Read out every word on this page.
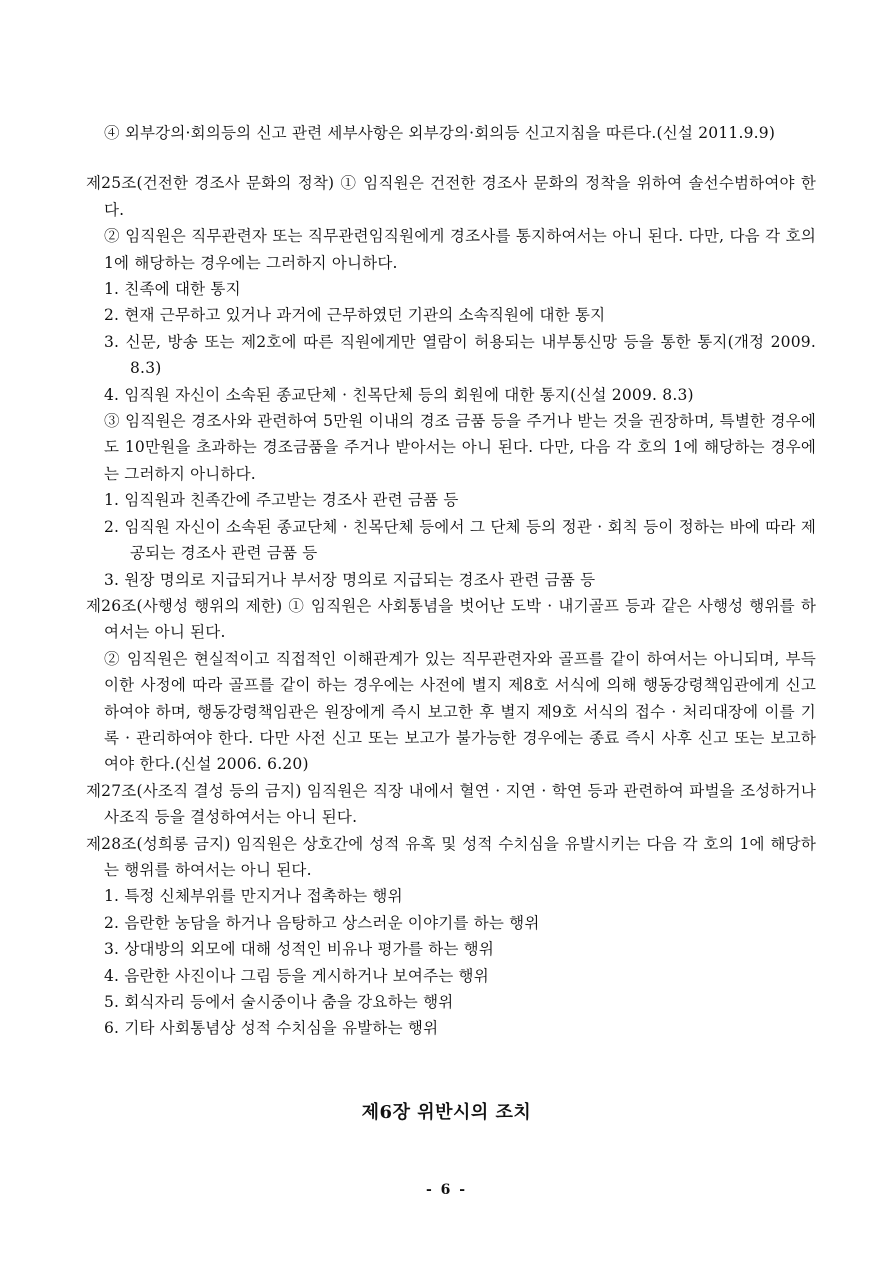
④ 외부강의·회의등의 신고 관련 세부사항은 외부강의·회의등 신고지침을 따른다.(신설 2011.9.9)

제25조(건전한 경조사 문화의 정착) ① 임직원은 건전한 경조사 문화의 정착을 위하여 솔선수범하여야 한다.

② 임직원은 직무관련자 또는 직무관련임직원에게 경조사를 통지하여서는 아니 된다. 다만, 다음 각 호의 1에 해당하는 경우에는 그러하지 아니하다.

1. 친족에 대한 통지

2. 현재 근무하고 있거나 과거에 근무하였던 기관의 소속직원에 대한 통지

3. 신문, 방송 또는 제2호에 따른 직원에게만 열람이 허용되는 내부통신망 등을 통한 통지(개정 2009. 8.3)

4. 임직원 자신이 소속된 종교단체 · 친목단체 등의 회원에 대한 통지(신설 2009. 8.3)

③ 임직원은 경조사와 관련하여 5만원 이내의 경조 금품 등을 주거나 받는 것을 권장하며, 특별한 경우에도 10만원을 초과하는 경조금품을 주거나 받아서는 아니 된다. 다만, 다음 각 호의 1에 해당하는 경우에는 그러하지 아니하다.

1. 임직원과 친족간에 주고받는 경조사 관련 금품 등

2. 임직원 자신이 소속된 종교단체 · 친목단체 등에서 그 단체 등의 정관 · 회칙 등이 정하는 바에 따라 제공되는 경조사 관련 금품 등

3. 원장 명의로 지급되거나 부서장 명의로 지급되는 경조사 관련 금품 등

제26조(사행성 행위의 제한) ① 임직원은 사회통념을 벗어난 도박 · 내기골프 등과 같은 사행성 행위를 하여서는 아니 된다.

② 임직원은 현실적이고 직접적인 이해관계가 있는 직무관련자와 골프를 같이 하여서는 아니되며, 부득이한 사정에 따라 골프를 같이 하는 경우에는 사전에 별지 제8호 서식에 의해 행동강령책임관에게 신고하여야 하며, 행동강령책임관은 원장에게 즉시 보고한 후 별지 제9호 서식의 접수 · 처리대장에 이를 기록 · 관리하여야 한다. 다만 사전 신고 또는 보고가 불가능한 경우에는 종료 즉시 사후 신고 또는 보고하여야 한다.(신설 2006. 6.20)

제27조(사조직 결성 등의 금지) 임직원은 직장 내에서 혈연 · 지연 · 학연 등과 관련하여 파벌을 조성하거나 사조직 등을 결성하여서는 아니 된다.

제28조(성희롱 금지) 임직원은 상호간에 성적 유혹 및 성적 수치심을 유발시키는 다음 각 호의 1에 해당하는 행위를 하여서는 아니 된다.

1. 특정 신체부위를 만지거나 접촉하는 행위

2. 음란한 농담을 하거나 음탕하고 상스러운 이야기를 하는 행위

3. 상대방의 외모에 대해 성적인 비유나 평가를 하는 행위

4. 음란한 사진이나 그림 등을 게시하거나 보여주는 행위

5. 회식자리 등에서 술시중이나 춤을 강요하는 행위

6. 기타 사회통념상 성적 수치심을 유발하는 행위

제6장 위반시의 조치
- 6 -
